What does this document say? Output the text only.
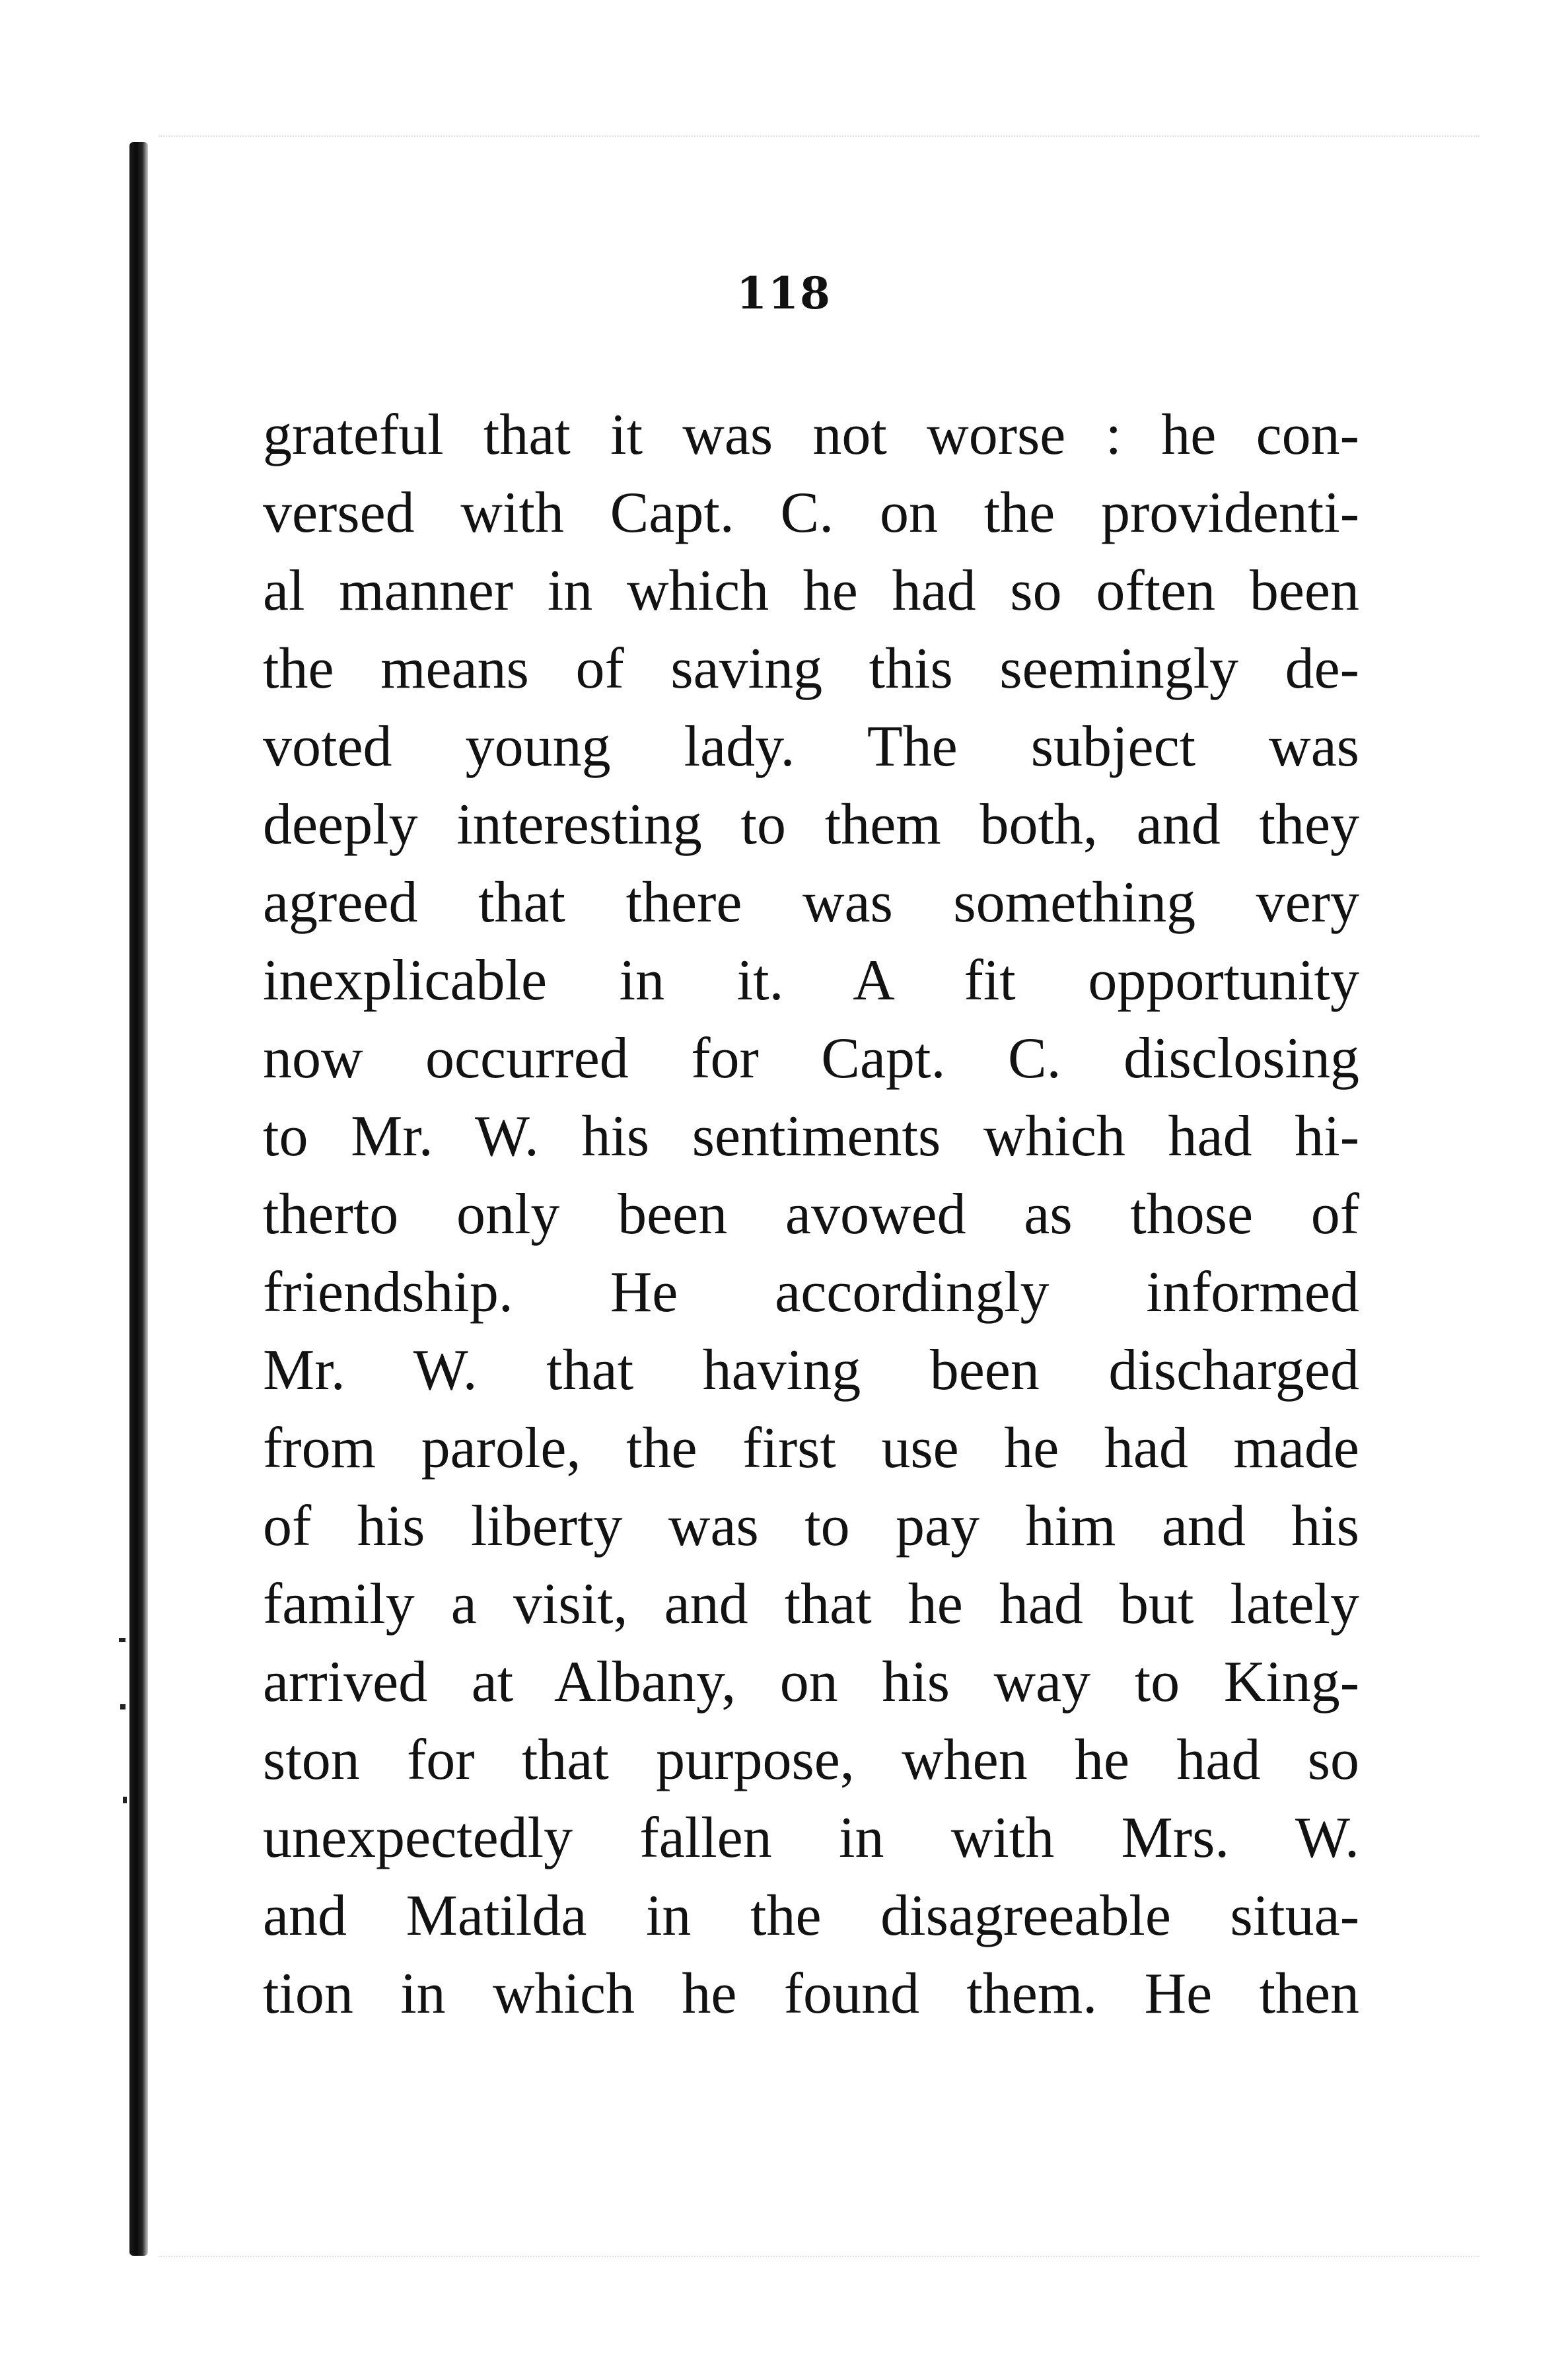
118
grateful that it was not worse : he con-
versed with Capt. C. on the providenti-
al manner in which he had so often been
the means of saving this seemingly de-
voted young lady. The subject was
deeply interesting to them both, and they
agreed that there was something very
inexplicable in it. A fit opportunity
now occurred for Capt. C. disclosing
to Mr. W. his sentiments which had hi-
therto only been avowed as those of
friendship. He accordingly informed
Mr. W. that having been discharged
from parole, the first use he had made
of his liberty was to pay him and his
family a visit, and that he had but lately
arrived at Albany, on his way to King-
ston for that purpose, when he had so
unexpectedly fallen in with Mrs. W.
and Matilda in the disagreeable situa-
tion in which he found them. He then
